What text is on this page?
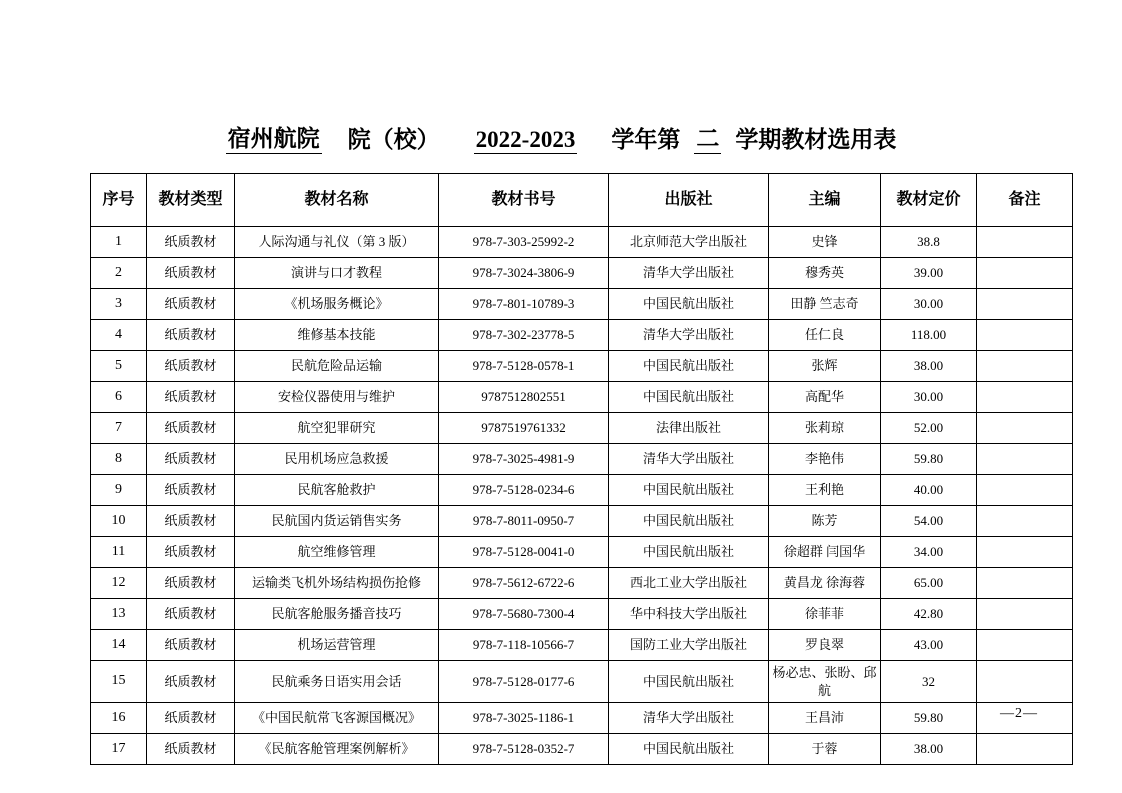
宿州航院 院（校） 2022-2023 学年第 二 学期教材选用表
序号	教材类型	教材名称	教材书号	出版社	主编	教材定价	备注
1	纸质教材	人际沟通与礼仪（第 3 版）	978-7-303-25992-2	北京师范大学出版社	史锋	38.8	
2	纸质教材	演讲与口才教程	978-7-3024-3806-9	清华大学出版社	穆秀英	39.00	
3	纸质教材	《机场服务概论》	978-7-801-10789-3	中国民航出版社	田静 竺志奇	30.00	
4	纸质教材	维修基本技能	978-7-302-23778-5	清华大学出版社	任仁良	118.00	
5	纸质教材	民航危险品运输	978-7-5128-0578-1	中国民航出版社	张辉	38.00	
6	纸质教材	安检仪器使用与维护	9787512802551	中国民航出版社	高配华	30.00	
7	纸质教材	航空犯罪研究	9787519761332	法律出版社	张莉琼	52.00	
8	纸质教材	民用机场应急救援	978-7-3025-4981-9	清华大学出版社	李艳伟	59.80	
9	纸质教材	民航客舱救护	978-7-5128-0234-6	中国民航出版社	王利艳	40.00	
10	纸质教材	民航国内货运销售实务	978-7-8011-0950-7	中国民航出版社	陈芳	54.00	
11	纸质教材	航空维修管理	978-7-5128-0041-0	中国民航出版社	徐超群 闫国华	34.00	
12	纸质教材	运输类飞机外场结构损伤抢修	978-7-5612-6722-6	西北工业大学出版社	黄昌龙 徐海蓉	65.00	
13	纸质教材	民航客舱服务播音技巧	978-7-5680-7300-4	华中科技大学出版社	徐菲菲	42.80	
14	纸质教材	机场运营管理	978-7-118-10566-7	国防工业大学出版社	罗良翠	43.00	
15	纸质教材	民航乘务日语实用会话	978-7-5128-0177-6	中国民航出版社	杨必忠、张盼、邱航	32	
16	纸质教材	《中国民航常飞客源国概况》	978-7-3025-1186-1	清华大学出版社	王昌沛	59.80	
17	纸质教材	《民航客舱管理案例解析》	978-7-5128-0352-7	中国民航出版社	于蓉	38.00	
—2—
